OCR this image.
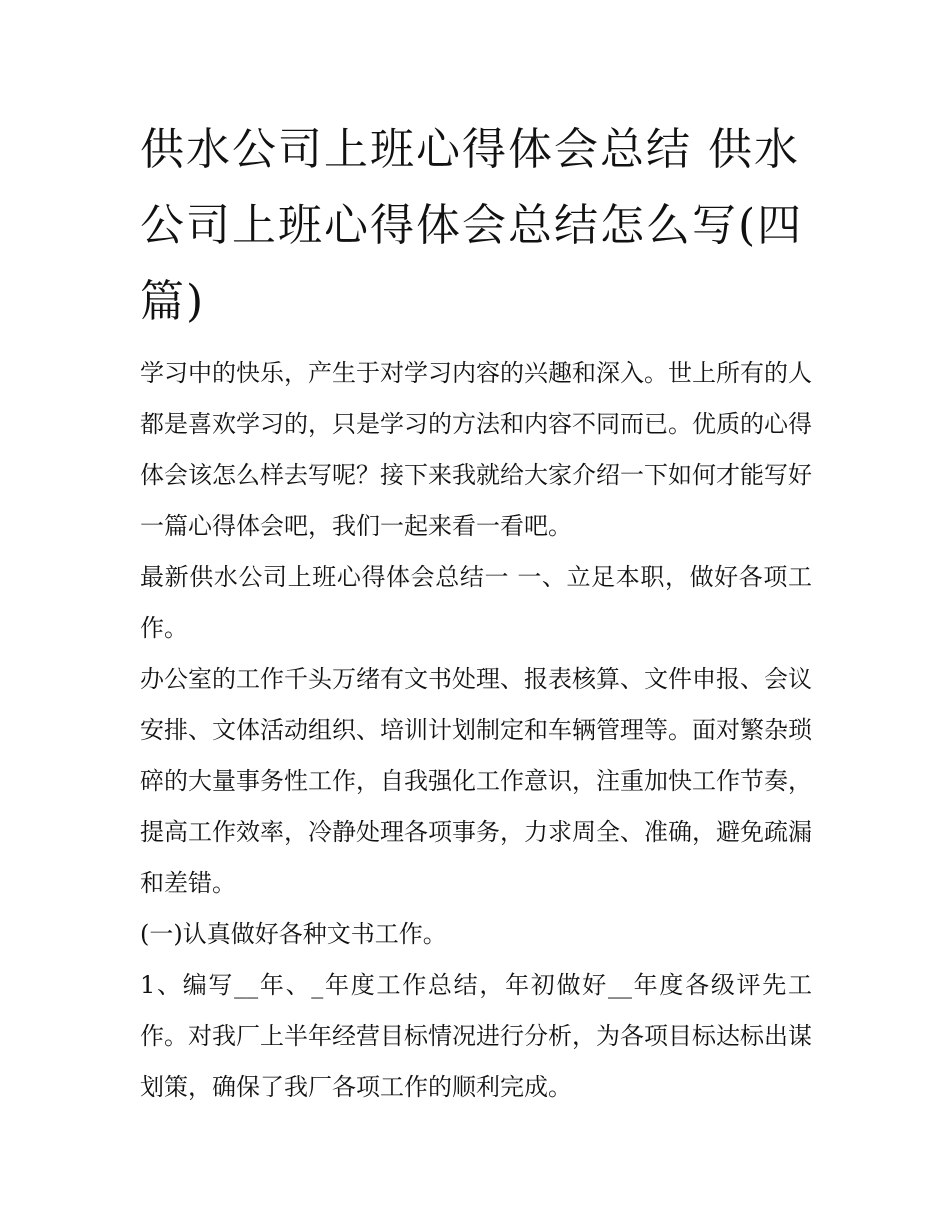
供水公司上班心得体会总结 供水公司上班心得体会总结怎么写(四篇)

学习中的快乐，产生于对学习内容的兴趣和深入。世上所有的人都是喜欢学习的，只是学习的方法和内容不同而已。优质的心得体会该怎么样去写呢？接下来我就给大家介绍一下如何才能写好一篇心得体会吧，我们一起来看一看吧。

最新供水公司上班心得体会总结一 一、立足本职，做好各项工作。

办公室的工作千头万绪有文书处理、报表核算、文件申报、会议安排、文体活动组织、培训计划制定和车辆管理等。面对繁杂琐碎的大量事务性工作，自我强化工作意识，注重加快工作节奏，提高工作效率，冷静处理各项事务，力求周全、准确，避免疏漏和差错。

(一)认真做好各种文书工作。

1、编写__年、_年度工作总结，年初做好__年度各级评先工作。对我厂上半年经营目标情况进行分析，为各项目标达标出谋划策，确保了我厂各项工作的顺利完成。
